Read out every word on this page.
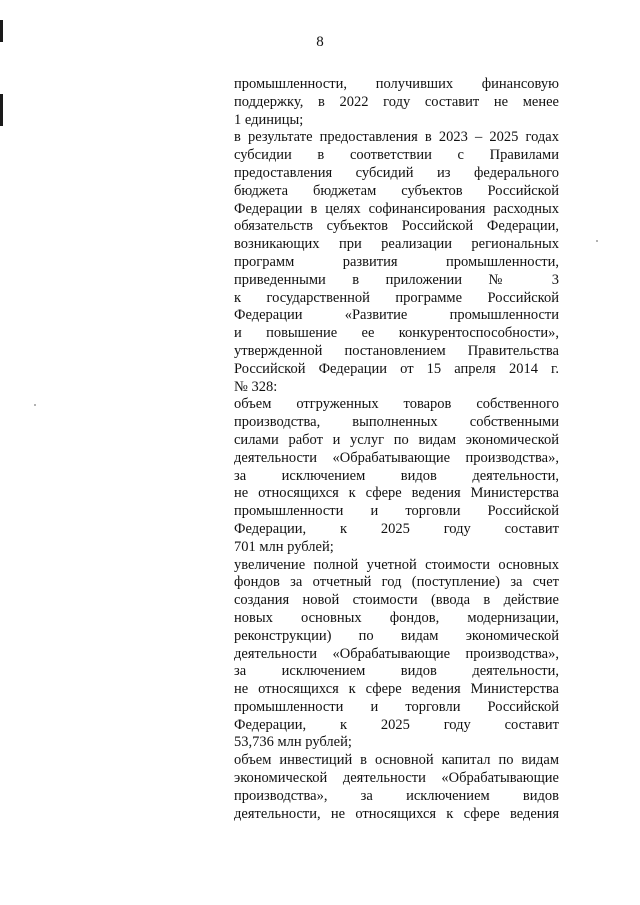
8
промышленности, получивших финансовую
поддержку, в 2022 году составит не менее
1 единицы;
в результате предоставления в 2023 – 2025 годах
субсидии в соответствии с Правилами
предоставления субсидий из федерального
бюджета бюджетам субъектов Российской
Федерации в целях софинансирования расходных
обязательств субъектов Российской Федерации,
возникающих при реализации региональных
программ развития промышленности,
приведенными в приложении № 3
к государственной программе Российской
Федерации «Развитие промышленности
и повышение ее конкурентоспособности»,
утвержденной постановлением Правительства
Российской Федерации от 15 апреля 2014 г.
№ 328:
объем отгруженных товаров собственного
производства, выполненных собственными
силами работ и услуг по видам экономической
деятельности «Обрабатывающие производства»,
за исключением видов деятельности,
не относящихся к сфере ведения Министерства
промышленности и торговли Российской
Федерации, к 2025 году составит
701 млн рублей;
увеличение полной учетной стоимости основных
фондов за отчетный год (поступление) за счет
создания новой стоимости (ввода в действие
новых основных фондов, модернизации,
реконструкции) по видам экономической
деятельности «Обрабатывающие производства»,
за исключением видов деятельности,
не относящихся к сфере ведения Министерства
промышленности и торговли Российской
Федерации, к 2025 году составит
53,736 млн рублей;
объем инвестиций в основной капитал по видам
экономической деятельности «Обрабатывающие
производства», за исключением видов
деятельности, не относящихся к сфере ведения
